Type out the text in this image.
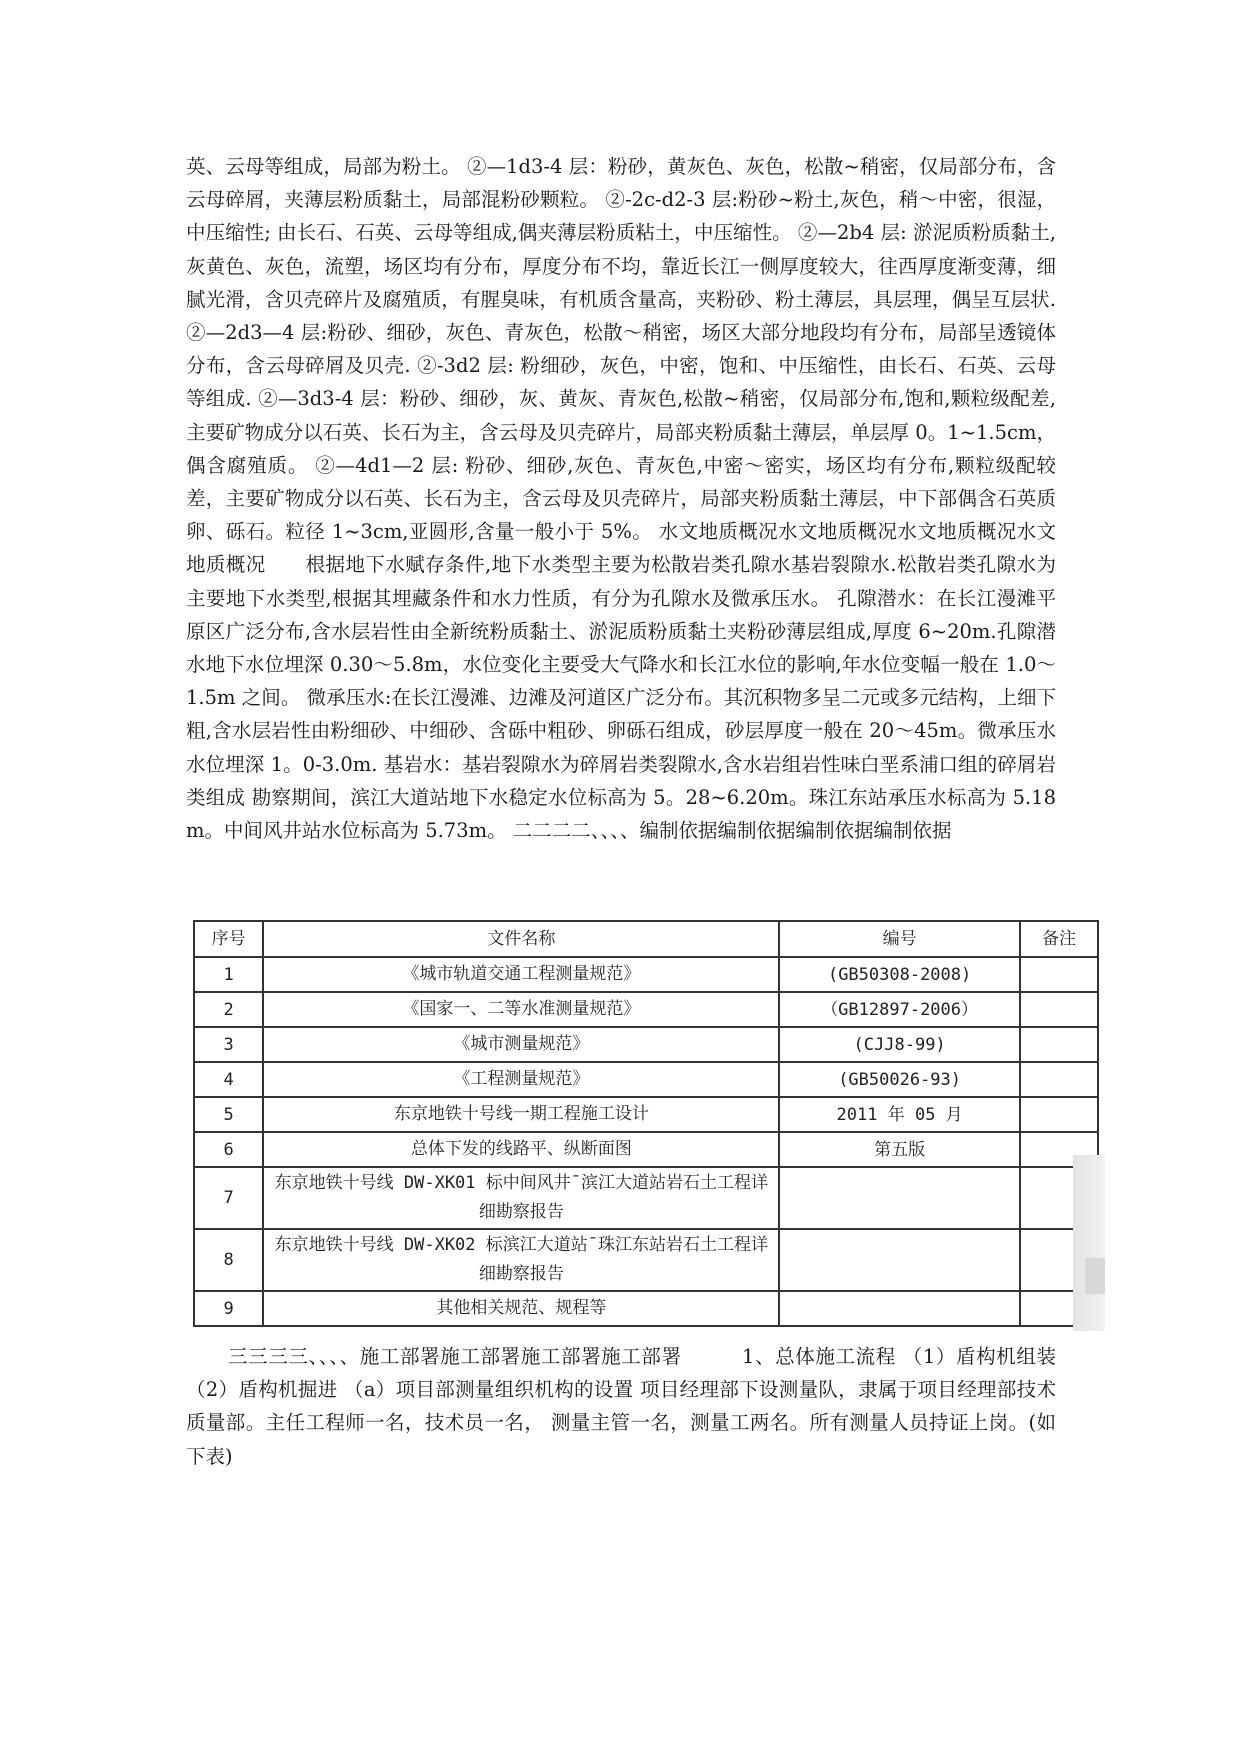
英、云母等组成，局部为粉土。 ②—1d3-4 层：粉砂，黄灰色、灰色，松散~稍密，仅局部分布，含云母碎屑，夹薄层粉质黏土，局部混粉砂颗粒。 ②-2c-d2-3 层:粉砂~粉土,灰色，稍～中密，很湿，中压缩性; 由长石、石英、云母等组成,偶夹薄层粉质粘土，中压缩性。 ②—2b4 层: 淤泥质粉质黏土,灰黄色、灰色，流塑，场区均有分布，厚度分布不均，靠近长江一侧厚度较大，往西厚度渐变薄，细腻光滑，含贝壳碎片及腐殖质，有腥臭味，有机质含量高，夹粉砂、粉土薄层，具层理，偶呈互层状. ②—2d3—4 层:粉砂、细砂，灰色、青灰色，松散～稍密，场区大部分地段均有分布，局部呈透镜体分布，含云母碎屑及贝壳. ②-3d2 层: 粉细砂，灰色，中密，饱和、中压缩性，由长石、石英、云母等组成. ②—3d3-4 层：粉砂、细砂，灰、黄灰、青灰色,松散~稍密，仅局部分布,饱和,颗粒级配差,主要矿物成分以石英、长石为主，含云母及贝壳碎片，局部夹粉质黏土薄层，单层厚 0。1~1.5cm，偶含腐殖质。 ②—4d1—2 层: 粉砂、细砂,灰色、青灰色,中密～密实，场区均有分布,颗粒级配较差，主要矿物成分以石英、长石为主，含云母及贝壳碎片，局部夹粉质黏土薄层，中下部偶含石英质卵、砾石。粒径 1~3cm,亚圆形,含量一般小于 5%。 水文地质概况水文地质概况水文地质概况水文地质概况　　根据地下水赋存条件,地下水类型主要为松散岩类孔隙水基岩裂隙水.松散岩类孔隙水为主要地下水类型,根据其埋藏条件和水力性质，有分为孔隙水及微承压水。 孔隙潜水：在长江漫滩平原区广泛分布,含水层岩性由全新统粉质黏土、淤泥质粉质黏土夹粉砂薄层组成,厚度 6~20m.孔隙潜水地下水位埋深 0.30～5.8m，水位变化主要受大气降水和长江水位的影响,年水位变幅一般在 1.0～1.5m 之间。 微承压水:在长江漫滩、边滩及河道区广泛分布。其沉积物多呈二元或多元结构，上细下粗,含水层岩性由粉细砂、中细砂、含砾中粗砂、卵砾石组成，砂层厚度一般在 20～45m。微承压水水位埋深 1。0-3.0m. 基岩水：基岩裂隙水为碎屑岩类裂隙水,含水岩组岩性味白垩系浦口组的碎屑岩类组成 勘察期间，滨江大道站地下水稳定水位标高为 5。28~6.20m。珠江东站承压水标高为 5.18m。中间风井站水位标高为 5.73m。 二二二二、、、、编制依据编制依据编制依据编制依据

序号	文件名称	编号	备注
1	《城市轨道交通工程测量规范》	(GB50308-2008)	
2	《国家一、二等水准测量规范》	（GB12897-2006）	
3	《城市测量规范》	(CJJ8-99)	
4	《工程测量规范》	(GB50026-93)	
5	东京地铁十号线一期工程施工设计	2011 年 05 月	
6	总体下发的线路平、纵断面图	第五版	
7	东京地铁十号线 DW-XK01 标中间风井¯滨江大道站岩石土工程详细勘察报告		
8	东京地铁十号线 DW-XK02 标滨江大道站¯珠江东站岩石土工程详细勘察报告		
9	其他相关规范、规程等		

三三三三、、、、施工部署施工部署施工部署施工部署　　　1、总体施工流程 （1）盾构机组装 （2）盾构机掘进 （a）项目部测量组织机构的设置 项目经理部下设测量队，隶属于项目经理部技术质量部。主任工程师一名，技术员一名， 测量主管一名，测量工两名。所有测量人员持证上岗。(如下表)
